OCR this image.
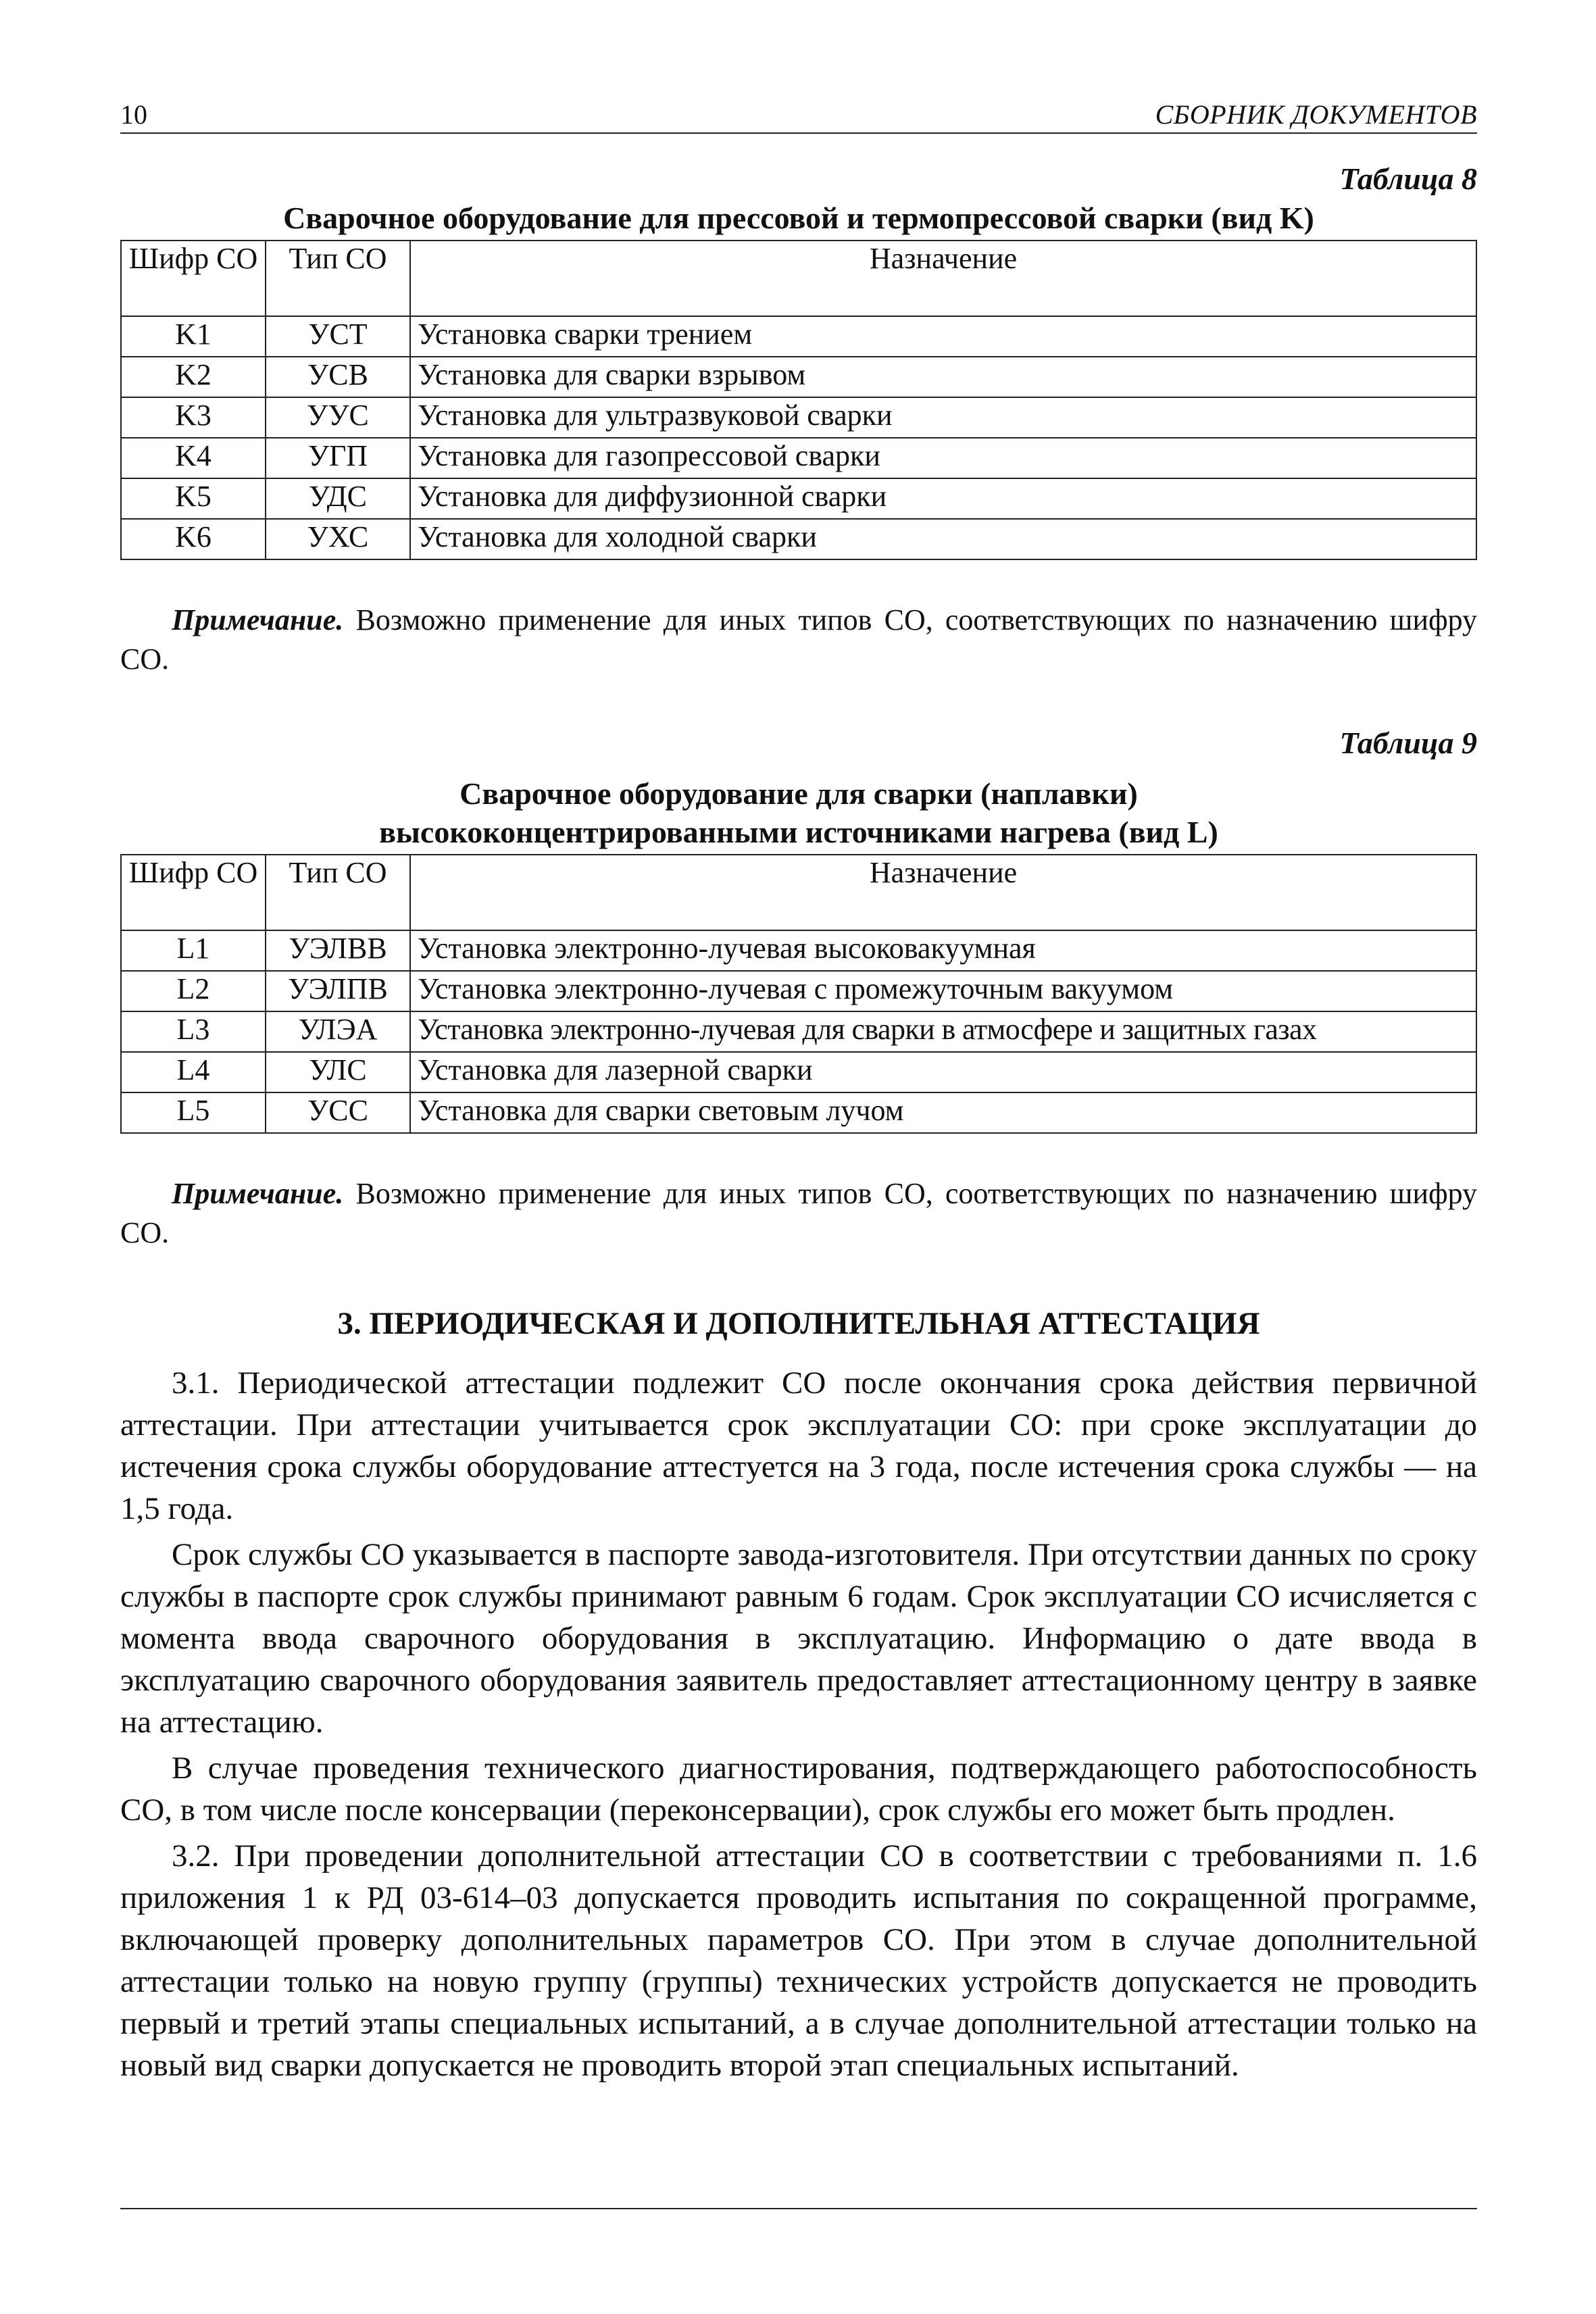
10	СБОРНИК ДОКУМЕНТОВ
Таблица 8
Сварочное оборудование для прессовой и термопрессовой сварки (вид K)
Шифр СО	Тип СО	Назначение
K1	УСТ	Установка сварки трением
K2	УСВ	Установка для сварки взрывом
K3	УУС	Установка для ультразвуковой сварки
K4	УГП	Установка для газопрессовой сварки
K5	УДС	Установка для диффузионной сварки
K6	УХС	Установка для холодной сварки

Примечание. Возможно применение для иных типов СО, соответствующих по назначению шифру СО.

Таблица 9
Сварочное оборудование для сварки (наплавки)
высококонцентрированными источниками нагрева (вид L)
Шифр СО	Тип СО	Назначение
L1	УЭЛВВ	Установка электронно-лучевая высоковакуумная
L2	УЭЛПВ	Установка электронно-лучевая с промежуточным вакуумом
L3	УЛЭА	Установка электронно-лучевая для сварки в атмосфере и защитных газах
L4	УЛС	Установка для лазерной сварки
L5	УСС	Установка для сварки световым лучом

Примечание. Возможно применение для иных типов СО, соответствующих по назначению шифру СО.

3. ПЕРИОДИЧЕСКАЯ И ДОПОЛНИТЕЛЬНАЯ АТТЕСТАЦИЯ

3.1. Периодической аттестации подлежит СО после окончания срока действия первичной аттестации. При аттестации учитывается срок эксплуатации СО: при сроке эксплуатации до истечения срока службы оборудование аттестуется на 3 года, после истечения срока службы — на 1,5 года.

Срок службы СО указывается в паспорте завода-изготовителя. При отсутствии данных по сроку службы в паспорте срок службы принимают равным 6 годам. Срок эксплуатации СО исчисляется с момента ввода сварочного оборудования в эксплуатацию. Информацию о дате ввода в эксплуатацию сварочного оборудования заявитель предоставляет аттестационному центру в заявке на аттестацию.

В случае проведения технического диагностирования, подтверждающего работоспособность СО, в том числе после консервации (переконсервации), срок службы его может быть продлен.

3.2. При проведении дополнительной аттестации СО в соответствии с требованиями п. 1.6 приложения 1 к РД 03-614–03 допускается проводить испытания по сокращенной программе, включающей проверку дополнительных параметров СО. При этом в случае дополнительной аттестации только на новую группу (группы) технических устройств допускается не проводить первый и третий этапы специальных испытаний, а в случае дополнительной аттестации только на новый вид сварки допускается не проводить второй этап специальных испытаний.
